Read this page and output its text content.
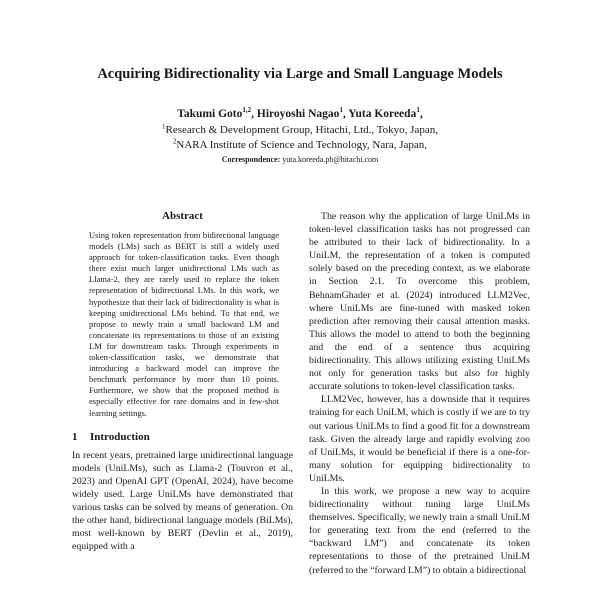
Acquiring Bidirectionality via Large and Small Language Models

Takumi Goto$^{1,2}$, Hiroyoshi Nagao$^1$, Yuta Koreeda$^1$,

$^1$Research & Development Group, Hitachi, Ltd., Tokyo, Japan,

$^2$NARA Institute of Science and Technology, Nara, Japan,

Correspondence: yuta.koreeda.pb@hitachi.com

Abstract

Using token representation from bidirectional language models (LMs) such as BERT is still a widely used approach for token-classification tasks. Even though there exist much larger unidirectional LMs such as Llama-2, they are rarely used to replace the token representation of bidirectional LMs. In this work, we hypothesize that their lack of bidirectionality is what is keeping unidirectional LMs behind. To that end, we propose to newly train a small backward LM and concatenate its representations to those of an existing LM for downstream tasks. Through experiments in token-classification tasks, we demonstrate that introducing a backward model can improve the benchmark performance by more than 10 points. Furthermore, we show that the proposed method is especially effective for rare domains and in few-shot learning settings.

1 Introduction

In recent years, pretrained large unidirectional language models (UniLMs), such as Llama-2 (Touvron et al., 2023) and OpenAI GPT (OpenAI, 2024), have become widely used. Large UniLMs have demonstrated that various tasks can be solved by means of generation. On the other hand, bidirectional language models (BiLMs), most well-known by BERT (Devlin et al., 2019), equipped with a

The reason why the application of large UniLMs in token-level classification tasks has not progressed can be attributed to their lack of bidirectionality. In a UniLM, the representation of a token is computed solely based on the preceding context, as we elaborate in Section 2.1. To overcome this problem, BehnamGhader et al. (2024) introduced LLM2Vec, where UniLMs are fine-tuned with masked token prediction after removing their causal attention masks. This allows the model to attend to both the beginning and the end of a sentence thus acquiring bidirectionality. This allows utilizing existing UniLMs not only for generation tasks but also for highly accurate solutions to token-level classification tasks.

LLM2Vec, however, has a downside that it requires training for each UniLM, which is costly if we are to try out various UniLMs to find a good fit for a downstream task. Given the already large and rapidly evolving zoo of UniLMs, it would be beneficial if there is a one-for-many solution for equipping bidirectionality to UniLMs.

In this work, we propose a new way to acquire bidirectionality without tuning large UniLMs themselves. Specifically, we newly train a small UniLM for generating text from the end (referred to the “backward LM”) and concatenate its token representations to those of the pretrained UniLM (referred to the “forward LM”) to obtain a bidirectional
